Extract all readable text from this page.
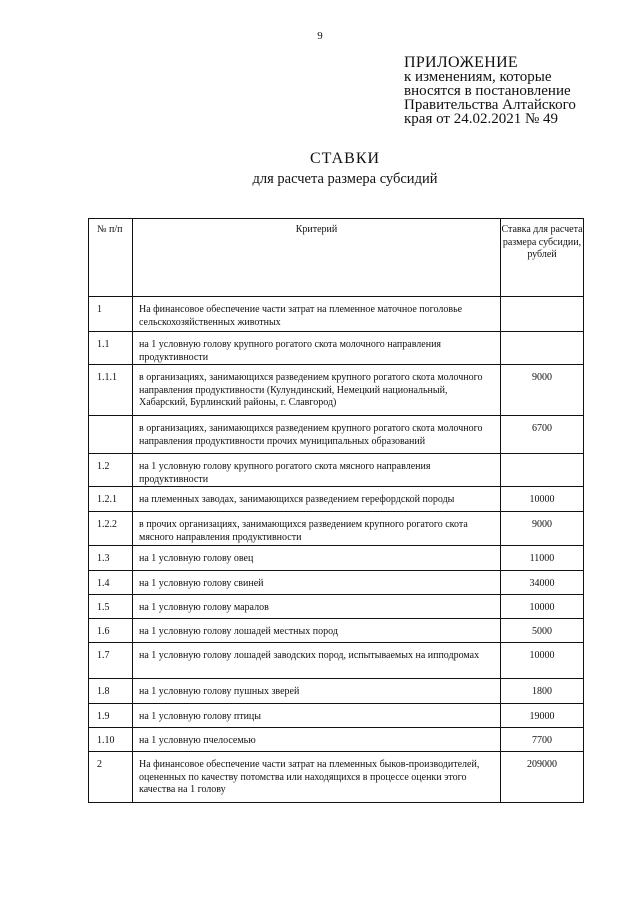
9
ПРИЛОЖЕНИЕ
к изменениям, которые
вносятся в постановление
Правительства Алтайского
края от 24.02.2021 № 49
СТАВКИ
для расчета размера субсидий
№ п/п	Критерий	Ставка для расчета размера субсидии, рублей
1	На финансовое обеспечение части затрат на племенное маточное поголовье сельскохозяйственных животных	
1.1	на 1 условную голову крупного рогатого скота молочного направления продуктивности	
1.1.1	в организациях, занимающихся разведением крупного рогатого скота молочного направления продуктивности (Кулундинский, Немецкий национальный, Хабарский, Бурлинский районы, г. Славгород)	9000
	в организациях, занимающихся разведением крупного рогатого скота молочного направления продуктивности прочих муниципальных образований	6700
1.2	на 1 условную голову крупного рогатого скота мясного направления продуктивности	
1.2.1	на племенных заводах, занимающихся разведением герефордской породы	10000
1.2.2	в прочих организациях, занимающихся разведением крупного рогатого скота мясного направления продуктивности	9000
1.3	на 1 условную голову овец	11000
1.4	на 1 условную голову свиней	34000
1.5	на 1 условную голову маралов	10000
1.6	на 1 условную голову лошадей местных пород	5000
1.7	на 1 условную голову лошадей заводских пород, испытываемых на ипподромах	10000
1.8	на 1 условную голову пушных зверей	1800
1.9	на 1 условную голову птицы	19000
1.10	на 1 условную пчелосемью	7700
2	На финансовое обеспечение части затрат на племенных быков-производителей, оцененных по качеству потомства или находящихся в процессе оценки этого качества на 1 голову	209000
